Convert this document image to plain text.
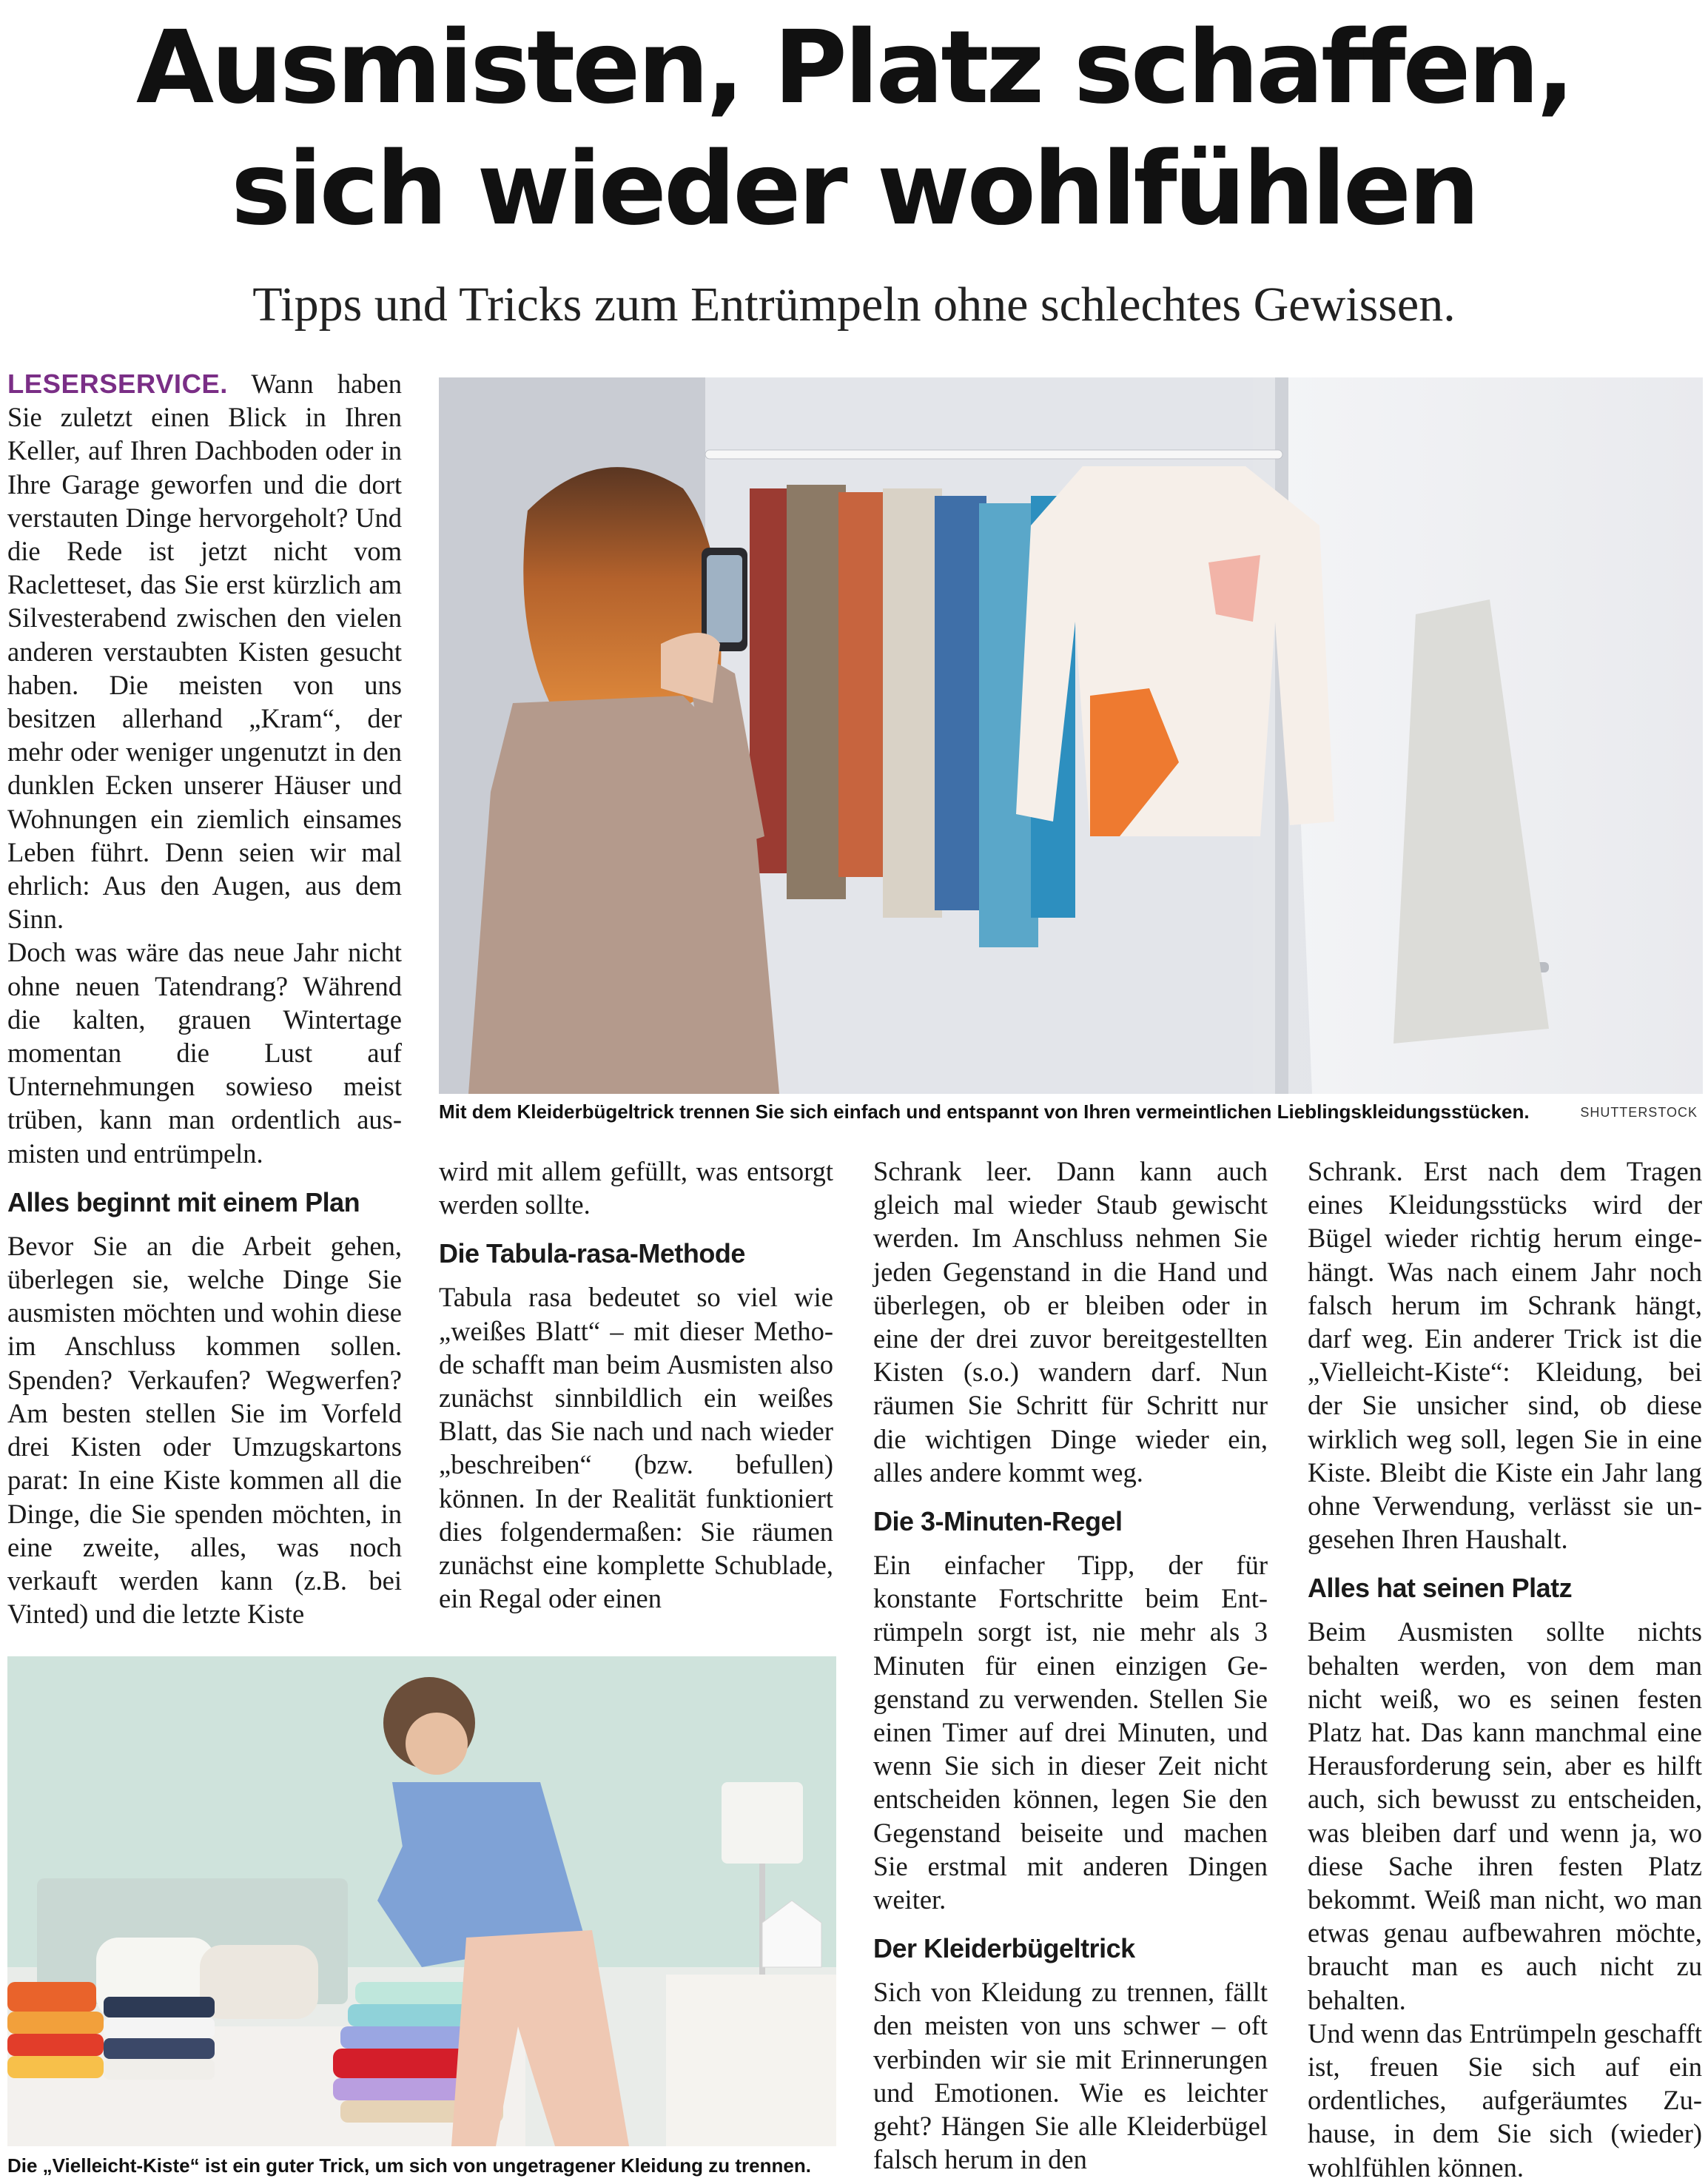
Ausmisten, Platz schaffen,
sich wieder wohlfühlen
Tipps und Tricks zum Entrümpeln ohne schlechtes Gewissen.

LESERSERVICE. Wann haben Sie zuletzt einen Blick in Ihren Keller, auf Ihren Dachboden oder in Ihre Garage geworfen und die dort verstauten Dinge hervorgeholt? Und die Rede ist jetzt nicht vom Racletteset, das Sie erst kürzlich am Silvesterabend zwischen den vielen anderen verstaubten Kisten gesucht haben. Die meisten von uns besitzen allerhand „Kram“, der mehr oder weniger ungenutzt in den dunklen Ecken unserer Häuser und Wohnungen ein ziemlich einsames Leben führt. Denn seien wir mal ehrlich: Aus den Augen, aus dem Sinn.

Doch was wäre das neue Jahr nicht ohne neuen Tatendrang? Während die kalten, grauen Wintertage momentan die Lust auf Unternehmungen sowieso meist trüben, kann man ordentlich ausmisten und entrümpeln.

Alles beginnt mit einem Plan

Bevor Sie an die Arbeit gehen, überlegen sie, welche Dinge Sie ausmisten möchten und wohin diese im Anschluss kommen sollen. Spenden? Verkaufen? Wegwerfen? Am besten stellen Sie im Vorfeld drei Kisten oder Umzugskartons parat: In eine Kiste kommen all die Dinge, die Sie spenden möchten, in eine zweite, alles, was noch verkauft werden kann (z.B. bei Vinted) und die letzte Kiste

Mit dem Kleiderbügeltrick trennen Sie sich einfach und entspannt von Ihren vermeintlichen Lieblingskleidungsstücken.	SHUTTERSTOCK

wird mit allem gefüllt, was entsorgt werden sollte.

Die Tabula-rasa-Methode

Tabula rasa bedeutet so viel wie „weißes Blatt“ – mit dieser Methode schafft man beim Ausmisten also zunächst sinnbildlich ein weißes Blatt, das Sie nach und nach wieder „beschreiben“ (bzw. befullen) können. In der Realität funktioniert dies folgendermaßen: Sie räumen zunächst eine komplette Schublade, ein Regal oder einen

Schrank leer. Dann kann auch gleich mal wieder Staub gewischt werden. Im Anschluss nehmen Sie jeden Gegenstand in die Hand und überlegen, ob er bleiben oder in eine der drei zuvor bereitgestellten Kisten (s.o.) wandern darf. Nun räumen Sie Schritt für Schritt nur die wichtigen Dinge wieder ein, alles andere kommt weg.

Die 3-Minuten-Regel

Ein einfacher Tipp, der für konstante Fortschritte beim Entrümpeln sorgt ist, nie mehr als 3 Minuten für einen einzigen Gegenstand zu verwenden. Stellen Sie einen Timer auf drei Minuten, und wenn Sie sich in dieser Zeit nicht entscheiden können, legen Sie den Gegenstand beiseite und machen Sie erstmal mit anderen Dingen weiter.

Der Kleiderbügeltrick

Sich von Kleidung zu trennen, fällt den meisten von uns schwer – oft verbinden wir sie mit Erinnerungen und Emotionen. Wie es leichter geht? Hängen Sie alle Kleiderbügel falsch herum in den

Schrank. Erst nach dem Tragen eines Kleidungsstücks wird der Bügel wieder richtig herum eingehängt. Was nach einem Jahr noch falsch herum im Schrank hängt, darf weg. Ein anderer Trick ist die „Vielleicht-Kiste“: Kleidung, bei der Sie unsicher sind, ob diese wirklich weg soll, legen Sie in eine Kiste. Bleibt die Kiste ein Jahr lang ohne Verwendung, verlässt sie ungesehen Ihren Haushalt.

Alles hat seinen Platz

Beim Ausmisten sollte nichts behalten werden, von dem man nicht weiß, wo es seinen festen Platz hat. Das kann manchmal eine Herausforderung sein, aber es hilft auch, sich bewusst zu entscheiden, was bleiben darf und wenn ja, wo diese Sache ihren festen Platz bekommt. Weiß man nicht, wo man etwas genau aufbewahren möchte, braucht man es auch nicht zu behalten.

Und wenn das Entrümpeln geschafft ist, freuen Sie sich auf ein ordentliches, aufgeräumtes Zuhause, in dem Sie sich (wieder) wohlfühlen können.

Die „Vielleicht-Kiste“ ist ein guter Trick, um sich von ungetragener Kleidung zu trennen.
